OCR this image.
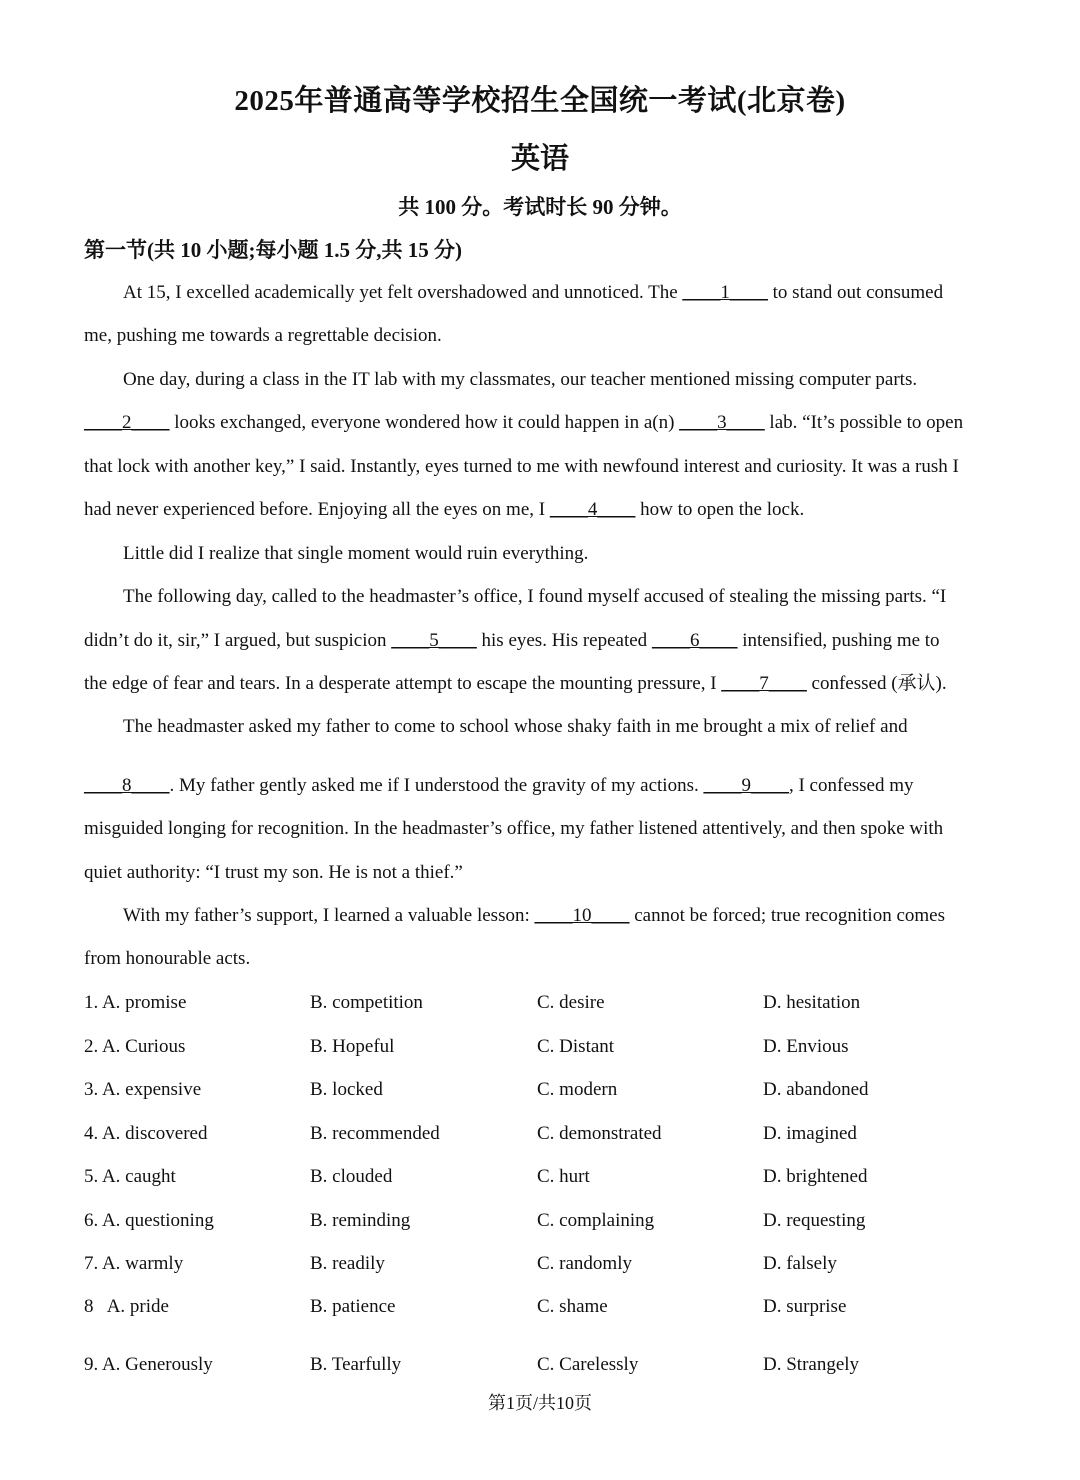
2025年普通高等学校招生全国统一考试(北京卷)
英语
共 100 分。考试时长 90 分钟。
第一节(共 10 小题;每小题 1.5 分,共 15 分)
At 15, I excelled academically yet felt overshadowed and unnoticed. The ____1____ to stand out consumed
me, pushing me towards a regrettable decision.
One day, during a class in the IT lab with my classmates, our teacher mentioned missing computer parts.
____2____ looks exchanged, everyone wondered how it could happen in a(n) ____3____ lab. “It’s possible to open
that lock with another key,” I said. Instantly, eyes turned to me with newfound interest and curiosity. It was a rush I
had never experienced before. Enjoying all the eyes on me, I ____4____ how to open the lock.
Little did I realize that single moment would ruin everything.
The following day, called to the headmaster’s office, I found myself accused of stealing the missing parts. “I
didn’t do it, sir,” I argued, but suspicion ____5____ his eyes. His repeated ____6____ intensified, pushing me to
the edge of fear and tears. In a desperate attempt to escape the mounting pressure, I ____7____ confessed (承认).
The headmaster asked my father to come to school whose shaky faith in me brought a mix of relief and
____8____. My father gently asked me if I understood the gravity of my actions. ____9____, I confessed my
misguided longing for recognition. In the headmaster’s office, my father listened attentively, and then spoke with
quiet authority: “I trust my son. He is not a thief.”
With my father’s support, I learned a valuable lesson: ____10____ cannot be forced; true recognition comes
from honourable acts.
1. A. promise	B. competition	C. desire	D. hesitation
2. A. Curious	B. Hopeful	C. Distant	D. Envious
3. A. expensive	B. locked	C. modern	D. abandoned
4. A. discovered	B. recommended	C. demonstrated	D. imagined
5. A. caught	B. clouded	C. hurt	D. brightened
6. A. questioning	B. reminding	C. complaining	D. requesting
7. A. warmly	B. readily	C. randomly	D. falsely
8   A. pride	B. patience	C. shame	D. surprise
9. A. Generously	B. Tearfully	C. Carelessly	D. Strangely
第1页/共10页
